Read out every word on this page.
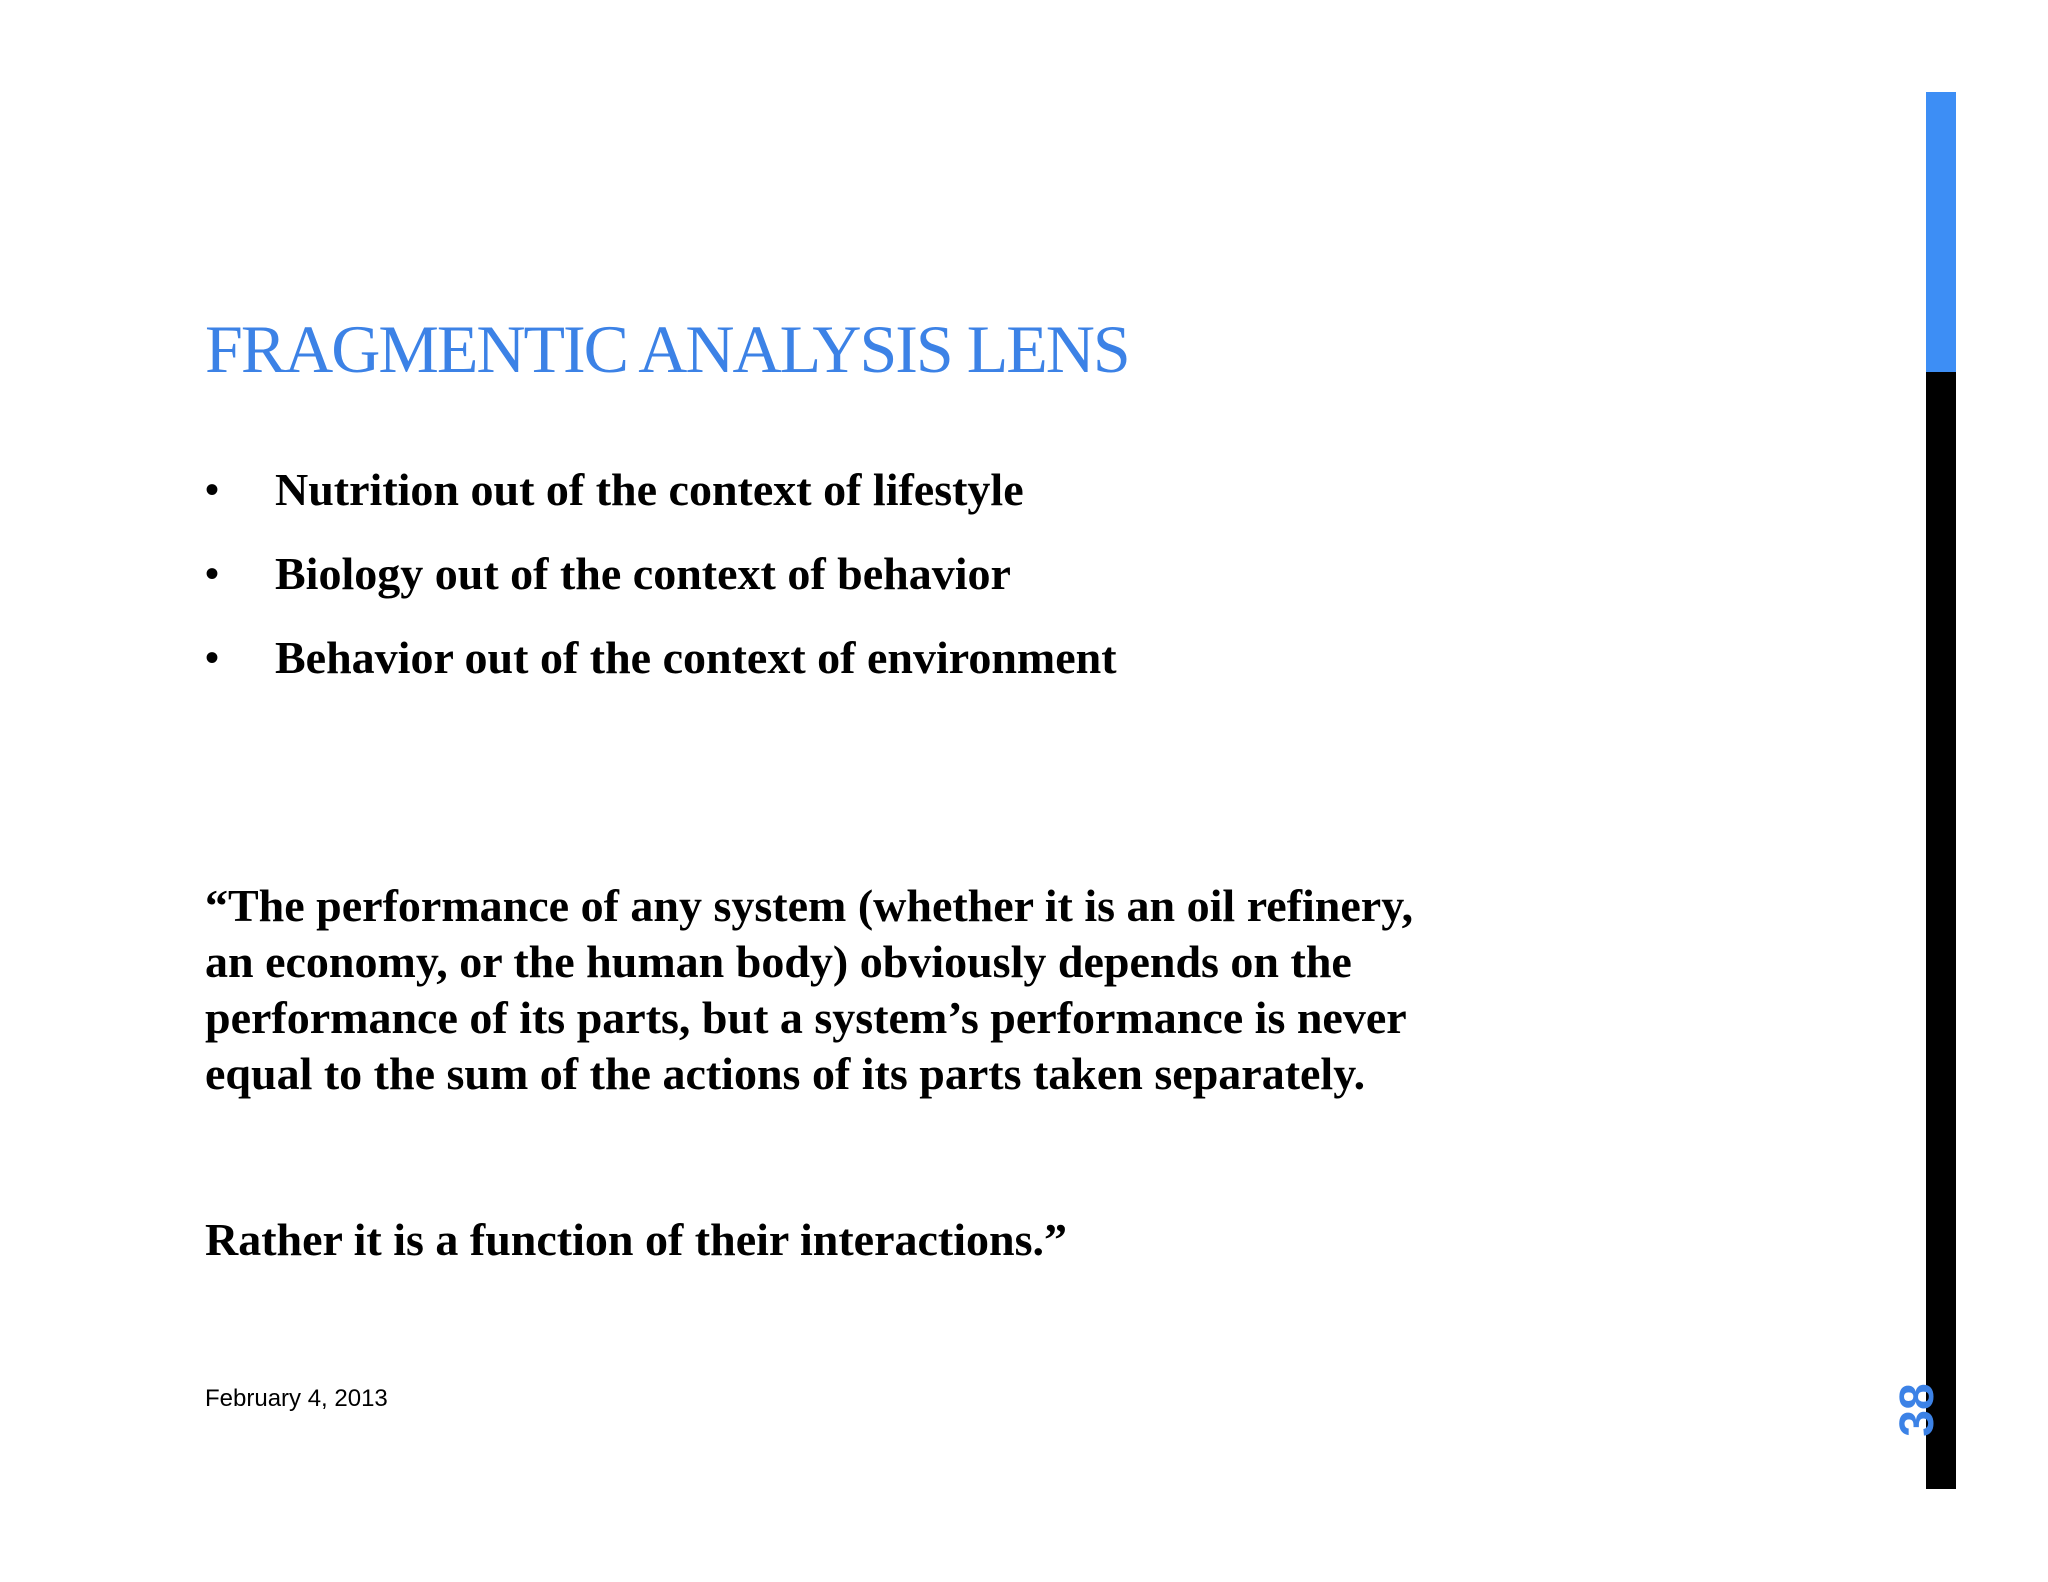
FRAGMENTIC ANALYSIS LENS
• Nutrition out of the context of lifestyle
• Biology out of the context of behavior
• Behavior out of the context of environment

“The performance of any system (whether it is an oil refinery,
an economy, or the human body) obviously depends on the
performance of its parts, but a system’s performance is never
equal to the sum of the actions of its parts taken separately.

Rather it is a function of their interactions.”

February 4, 2013	38
